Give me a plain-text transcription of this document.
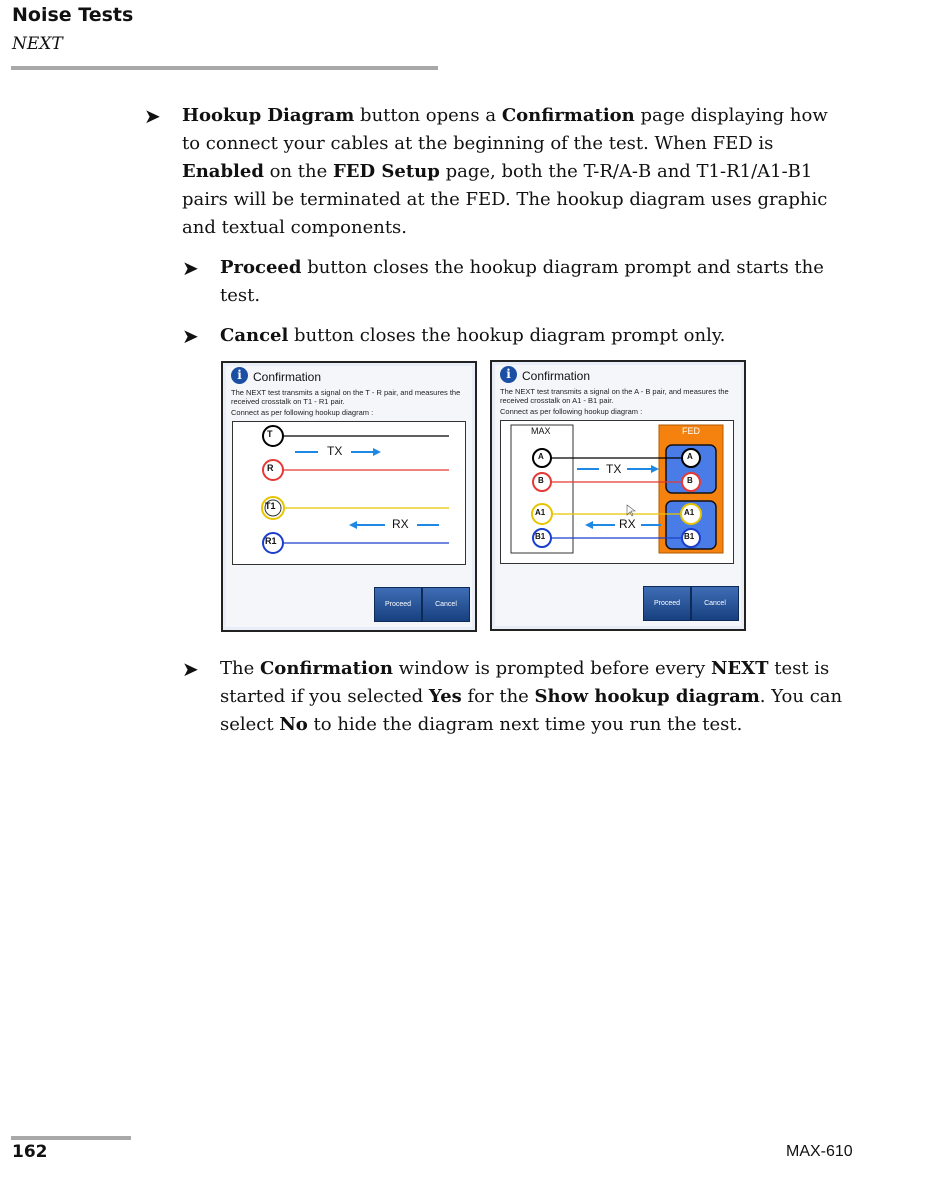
Noise Tests
NEXT
➤ Hookup Diagram button opens a Confirmation page displaying how
to connect your cables at the beginning of the test. When FED is
Enabled on the FED Setup page, both the T-R/A-B and T1-R1/A1-B1
pairs will be terminated at the FED. The hookup diagram uses graphic
and textual components.
➤ Proceed button closes the hookup diagram prompt and starts the
test.
➤ Cancel button closes the hookup diagram prompt only.
i Confirmation
The NEXT test transmits a signal on the T - R pair, and measures the received crosstalk on T1 - R1 pair.
Connect as per following hookup diagram :
T
R
T1
R1
TX
RX
Proceed	Cancel
i Confirmation
The NEXT test transmits a signal on the A - B pair, and measures the received crosstalk on A1 - B1 pair.
Connect as per following hookup diagram :
MAX	FED
A
B
A1
B1
A
B
A1
B1
TX
RX
Proceed	Cancel
➤ The Confirmation window is prompted before every NEXT test is
started if you selected Yes for the Show hookup diagram. You can
select No to hide the diagram next time you run the test.
162	MAX-610
